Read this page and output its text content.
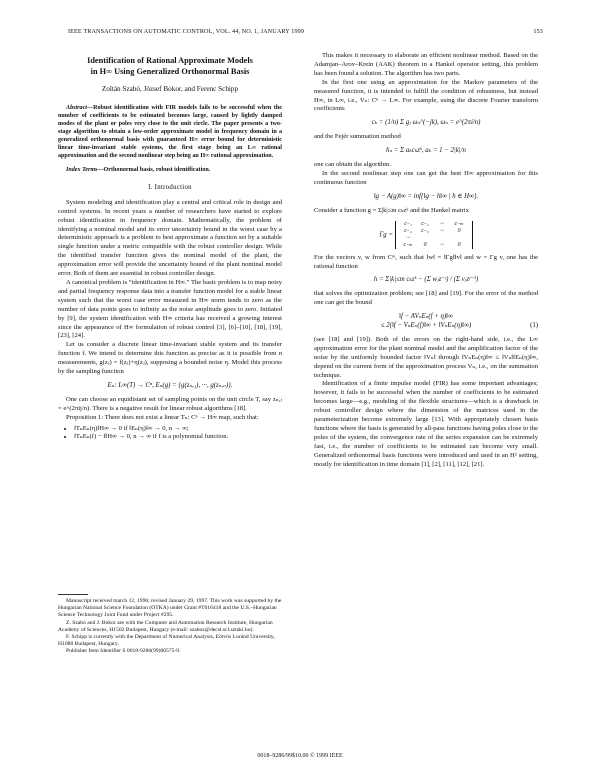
IEEE TRANSACTIONS ON AUTOMATIC CONTROL, VOL. 44, NO. 1, JANUARY 1999	153
Identification of Rational Approximate Models
in H∞ Using Generalized Orthonormal Basis
Zoltán Szabó, József Bokor, and Ferenc Schipp
Abstract—Robust identification with FIR models fails to be successful when the number of coefficients to be estimated becomes large, caused by lightly damped modes of the plant or poles very close to the unit circle. The paper presents a two-stage algorithm to obtain a low-order approximate model in frequency domain in a generalized orthonormal basis with guaranteed H∞ error bound for deterministic linear time-invariant stable systems, the first stage being an L∞ rational approximation and the second nonlinear step being an H∞ rational approximation.
Index Terms—Orthonormal basis, robust identification.
I. Introduction

System modeling and identification play a central and critical role in design and control systems. In recent years a number of researchers have started to explore robust identification in frequency domain. Mathematically, the problem of identifying a nominal model and its error uncertainty bound in the worst case by a deterministic approach is a problem to best approximate a function set by a suitable single function under a metric compatible with the robust controller design. While the identified transfer function gives the nominal model of the plant, the approximation error will provide the uncertainty bound of the plant nominal model error. Both of them are essential in robust controller design.

A canonical problem is “identification in H∞.” The basic problem is to map noisy and partial frequency response data into a transfer function model for a stable linear system such that the worst case error measured in H∞ norm tends to zero as the number of data points goes to infinity as the noise amplitude goes to zero. Initiated by [9], the system identification with H∞ criteria has received a growing interest since the appearance of H∞ formulation of robust control [3], [6]–[10], [18], [19], [23], [24].

Let us consider a discrete linear time-invariant stable system and its transfer function f. We intend to determine this function as precise as it is possible from n measurements, g(zⱼ) = f(zⱼ)+η(zⱼ), supposing a bounded noise η. Model this process by the sampling function

Eₙ: L∞(T) → Cⁿ, Eₙ(g) = {g(zₙ,₁), ···, g(zₙ,ₙ)}.

One can choose an equidistant set of sampling points on the unit circle T, say zₙ,ⱼ = e^(2πij/n). There is a negative result for linear robust algorithms [18].

Proposition 1: There does not exist a linear Tₙ: Cⁿ → H∞ map, such that:

• ‖TₙEₙ(η)‖H∞ → 0 if ‖Eₙ(η)‖∞ → 0, n → ∞;
• ‖TₙEₙ(f) − f‖H∞ → 0, n → ∞ if f is a polynomial function.

Manuscript received march 12, 1996; revised January 29, 1997. This work was supported by the Hungarian National Science Foundation (OTKA) under Grant #T016418 and the U.S.–Hungarian Science Technology Joint Fund under Project #295.

Z. Szabó and J. Bokor are with the Computer and Automation Research Institute, Hungarian Academy of Sciences, H1502 Budapest, Hungary (e-mail: szaboz@decst.scl.sztaki.hu).

F. Schipp is currently with the Department of Numerical Analysis, Eötvös Loránd University, H1088 Budapest, Hungary.

Publisher Item Identifier S 0018-9286(99)00575-9.

This makes it necessary to elaborate an efficient nonlinear method. Based on the Adamjan–Arov–Krein (AAK) theorem in a Hankel operator setting, this problem has been found a solution. The algorithm has two parts.

In the first one using an approximation for the Markov parameters of the measured function, it is intended to fulfill the condition of robustness, but instead H∞, in L∞, i.e., Vₙ: Cⁿ → L∞. For example, using the discrete Fourier transform coefficients

cₖ = (1/n) Σ gⱼ ωₙ^(−jk), ωₙ = e^(2πi/n)

and the Fejér summation method

hₙ = Σ aₖcₖzᵏ, aₖ = 1 − 2|k|/n

one can obtain the algorithm.

In the second nonlinear step one can get the best H∞ approximation for this continuous function

‖g − A(g)‖∞ = inf{‖g − h‖∞ | h ∈ H∞}.

Consider a function g = Σ|k|≤m cₖzᵏ and the Hankel matrix

Γg =
c₋₁ c₋₂ ··· c₋ₘ
c₋₂ c₋₃ ··· 0
···
c₋ₘ 0 ··· 0

For the vectors v, w from Cᵐ, such that ‖w‖ = ‖Γg‖‖v‖ and w = Γg v, one has the rational function

h = Σ|k|≤m cₖzᵏ − (Σ wⱼz⁻ʲ) / (Σ vⱼzʲ⁻¹)

that solves the optimization problem; see [18] and [19]. For the error of the method one can get the bound

‖f − AVₙEₙ(f + η)‖∞
≤ 2(‖f − VₙEₙ(f)‖∞ + ‖VₙEₙ(η)‖∞)	(1)

(see [18] and [19]). Both of the errors on the right-hand side, i.e., the L∞ approximation error for the plant nominal model and the amplification factor of the noise by the uniformly bounded factor ‖Vₙ‖ through ‖VₙEₙ(η)‖∞ ≤ ‖Vₙ‖‖Eₙ(η)‖∞, depend on the current form of the approximation process Vₙ, i.e., on the summation technique.

Identification of a finite impulse model (FIR) has some important advantages; however, it fails to be successful when the number of coefficients to be estimated becomes large—e.g., modeling of the flexible structures—which is a drawback in robust controller design where the dimension of the matrices used in the parameterization become extremely large [13]. With appropriately chosen basis functions where the basis is generated by all-pass functions having poles close to the poles of the system, the convergence rate of the series expansion can be extremely fast, i.e., the number of coefficients to be estimated can become very small. Generalized orthonormal basis functions were introduced and used in an H² setting, mostly for identification in time domain [1], [2], [11], [12], [21].

0018–9286/99$10.00 © 1999 IEEE
